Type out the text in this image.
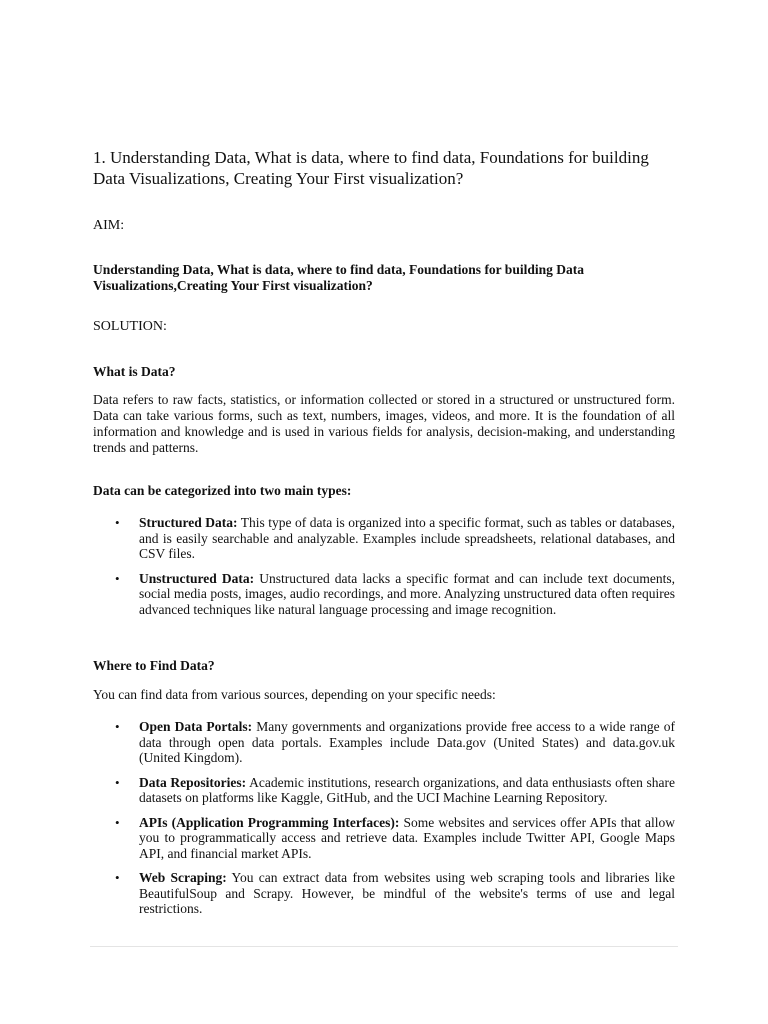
1. Understanding Data, What is data, where to find data, Foundations for building Data Visualizations, Creating Your First visualization?
AIM:
Understanding Data, What is data, where to find data, Foundations for building Data Visualizations,Creating Your First visualization?
SOLUTION:
What is Data?
Data refers to raw facts, statistics, or information collected or stored in a structured or unstructured form. Data can take various forms, such as text, numbers, images, videos, and more. It is the foundation of all information and knowledge and is used in various fields for analysis, decision-making, and understanding trends and patterns.
Data can be categorized into two main types:
• Structured Data: This type of data is organized into a specific format, such as tables or databases, and is easily searchable and analyzable. Examples include spreadsheets, relational databases, and CSV files.
• Unstructured Data: Unstructured data lacks a specific format and can include text documents, social media posts, images, audio recordings, and more. Analyzing unstructured data often requires advanced techniques like natural language processing and image recognition.
Where to Find Data?
You can find data from various sources, depending on your specific needs:
• Open Data Portals: Many governments and organizations provide free access to a wide range of data through open data portals. Examples include Data.gov (United States) and data.gov.uk (United Kingdom).
• Data Repositories: Academic institutions, research organizations, and data enthusiasts often share datasets on platforms like Kaggle, GitHub, and the UCI Machine Learning Repository.
• APIs (Application Programming Interfaces): Some websites and services offer APIs that allow you to programmatically access and retrieve data. Examples include Twitter API, Google Maps API, and financial market APIs.
• Web Scraping: You can extract data from websites using web scraping tools and libraries like BeautifulSoup and Scrapy. However, be mindful of the website's terms of use and legal restrictions.
